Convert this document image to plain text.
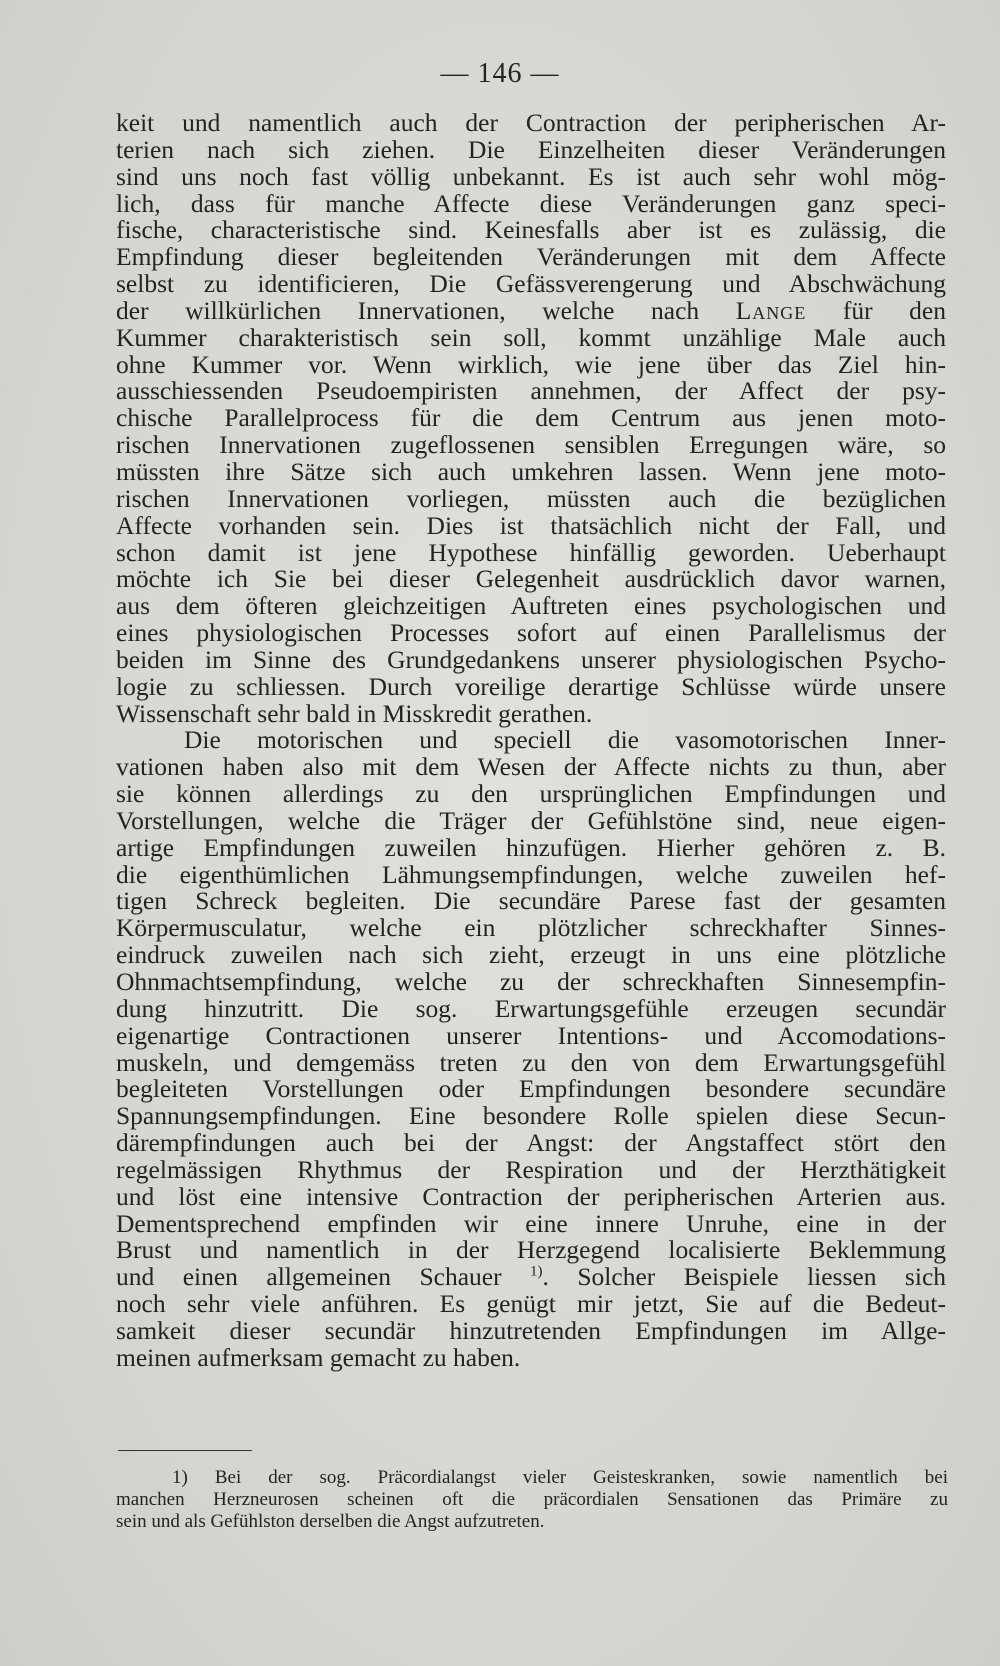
— 146 —
keit und namentlich auch der Contraction der peripherischen Ar-
terien nach sich ziehen. Die Einzelheiten dieser Veränderungen
sind uns noch fast völlig unbekannt. Es ist auch sehr wohl mög-
lich, dass für manche Affecte diese Veränderungen ganz speci-
fische, characteristische sind. Keinesfalls aber ist es zulässig, die
Empfindung dieser begleitenden Veränderungen mit dem Affecte
selbst zu identificieren, Die Gefässverengerung und Abschwächung
der willkürlichen Innervationen, welche nach Lange für den
Kummer charakteristisch sein soll, kommt unzählige Male auch
ohne Kummer vor. Wenn wirklich, wie jene über das Ziel hin-
ausschiessenden Pseudoempiristen annehmen, der Affect der psy-
chische Parallelprocess für die dem Centrum aus jenen moto-
rischen Innervationen zugeflossenen sensiblen Erregungen wäre, so
müssten ihre Sätze sich auch umkehren lassen. Wenn jene moto-
rischen Innervationen vorliegen, müssten auch die bezüglichen
Affecte vorhanden sein. Dies ist thatsächlich nicht der Fall, und
schon damit ist jene Hypothese hinfällig geworden. Ueberhaupt
möchte ich Sie bei dieser Gelegenheit ausdrücklich davor warnen,
aus dem öfteren gleichzeitigen Auftreten eines psychologischen und
eines physiologischen Processes sofort auf einen Parallelismus der
beiden im Sinne des Grundgedankens unserer physiologischen Psycho-
logie zu schliessen. Durch voreilige derartige Schlüsse würde unsere
Wissenschaft sehr bald in Misskredit gerathen.
Die motorischen und speciell die vasomotorischen Inner-
vationen haben also mit dem Wesen der Affecte nichts zu thun, aber
sie können allerdings zu den ursprünglichen Empfindungen und
Vorstellungen, welche die Träger der Gefühlstöne sind, neue eigen-
artige Empfindungen zuweilen hinzufügen. Hierher gehören z. B.
die eigenthümlichen Lähmungsempfindungen, welche zuweilen hef-
tigen Schreck begleiten. Die secundäre Parese fast der gesamten
Körpermusculatur, welche ein plötzlicher schreckhafter Sinnes-
eindruck zuweilen nach sich zieht, erzeugt in uns eine plötzliche
Ohnmachtsempfindung, welche zu der schreckhaften Sinnesempfin-
dung hinzutritt. Die sog. Erwartungsgefühle erzeugen secundär
eigenartige Contractionen unserer Intentions- und Accomodations-
muskeln, und demgemäss treten zu den von dem Erwartungsgefühl
begleiteten Vorstellungen oder Empfindungen besondere secundäre
Spannungsempfindungen. Eine besondere Rolle spielen diese Secun-
därempfindungen auch bei der Angst: der Angstaffect stört den
regelmässigen Rhythmus der Respiration und der Herzthätigkeit
und löst eine intensive Contraction der peripherischen Arterien aus.
Dementsprechend empfinden wir eine innere Unruhe, eine in der
Brust und namentlich in der Herzgegend localisierte Beklemmung
und einen allgemeinen Schauer $^{1)}$. Solcher Beispiele liessen sich
noch sehr viele anführen. Es genügt mir jetzt, Sie auf die Bedeut-
samkeit dieser secundär hinzutretenden Empfindungen im Allge-
meinen aufmerksam gemacht zu haben.
1) Bei der sog. Präcordialangst vieler Geisteskranken, sowie namentlich bei
manchen Herzneurosen scheinen oft die präcordialen Sensationen das Primäre zu
sein und als Gefühlston derselben die Angst aufzutreten.
